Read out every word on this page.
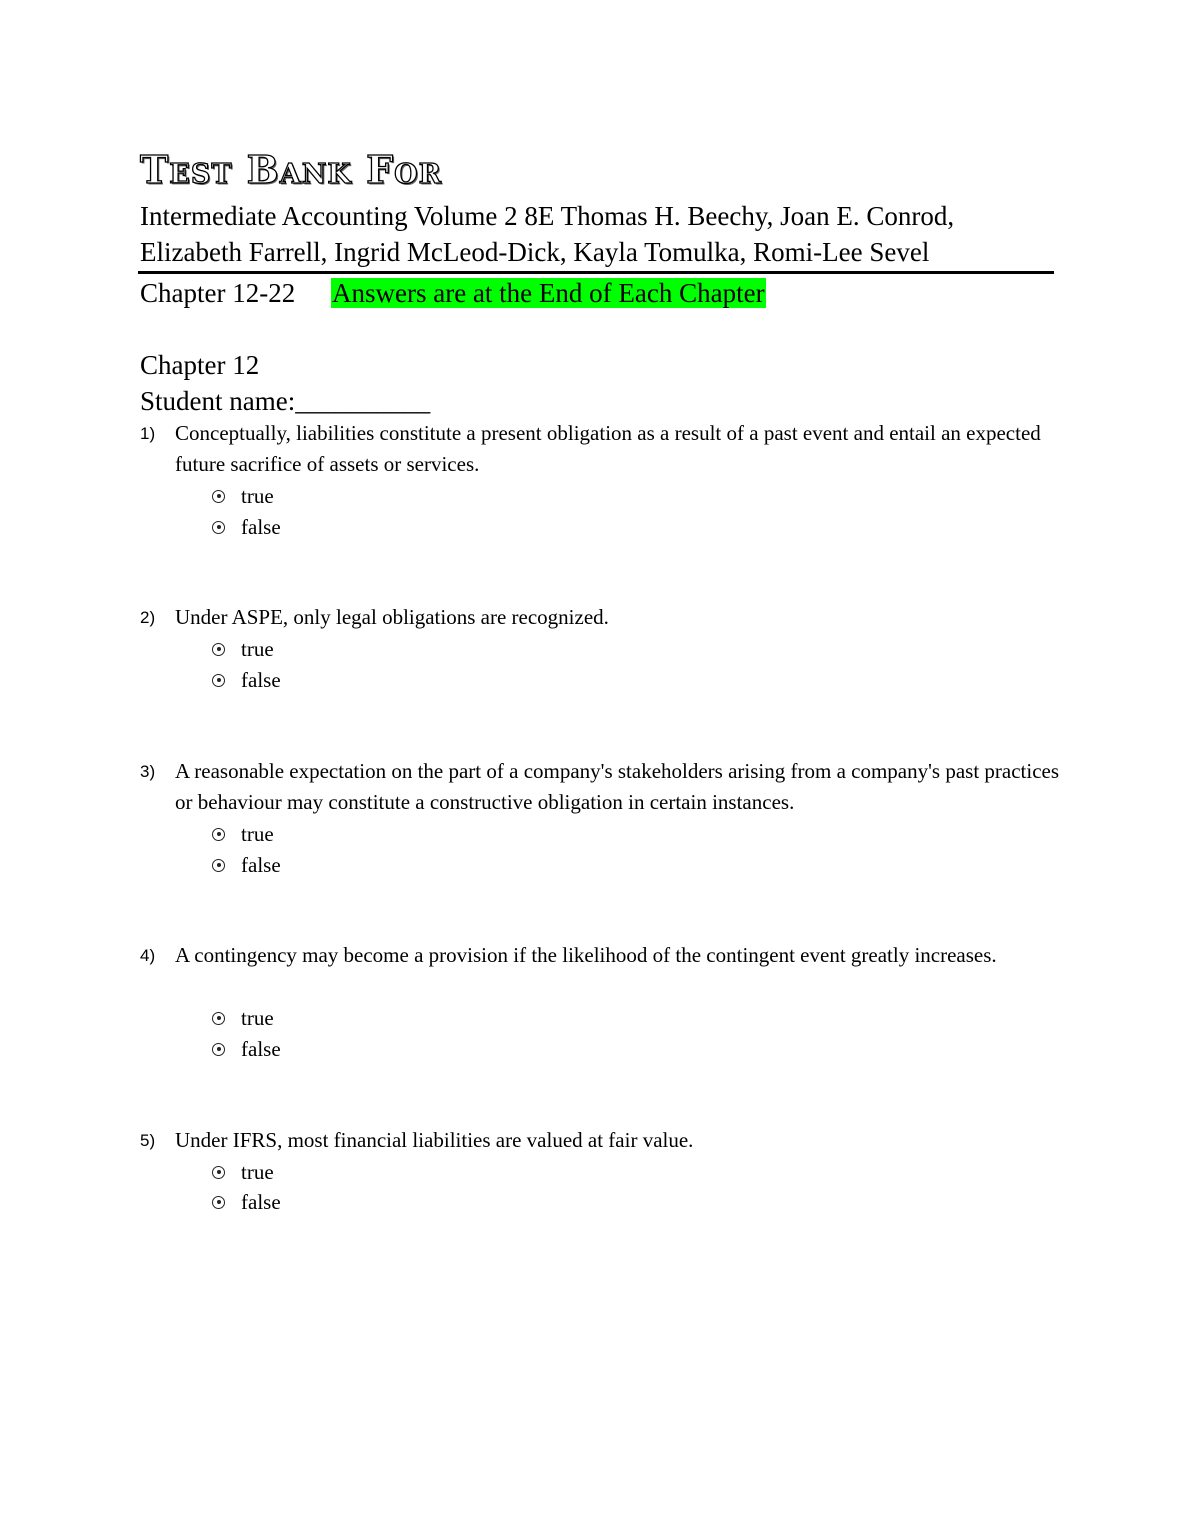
Test Bank For
Intermediate Accounting Volume 2 8E Thomas H. Beechy, Joan E. Conrod,
Elizabeth Farrell, Ingrid McLeod-Dick, Kayla Tomulka, Romi-Lee Sevel
Chapter 12-22 Answers are at the End of Each Chapter
Chapter 12
Student name:__________
1) Conceptually, liabilities constitute a present obligation as a result of a past event and entail an expected future sacrifice of assets or services.
true
false
2) Under ASPE, only legal obligations are recognized.
true
false
3) A reasonable expectation on the part of a company's stakeholders arising from a company's past practices or behaviour may constitute a constructive obligation in certain instances.
true
false
4) A contingency may become a provision if the likelihood of the contingent event greatly increases.
true
false
5) Under IFRS, most financial liabilities are valued at fair value.
true
false
